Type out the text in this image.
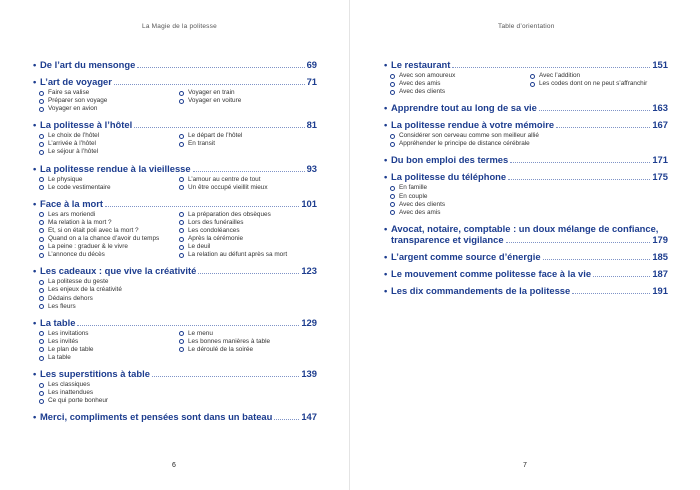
La Magie de la politesse
• De l’art du mensonge	69
• L’art de voyager	71
Faire sa valise	Voyager en train
Préparer son voyage	Voyager en voiture
Voyager en avion
• La politesse à l’hôtel	81
Le choix de l’hôtel	Le départ de l’hôtel
L’arrivée à l’hôtel	En transit
Le séjour à l’hôtel
• La politesse rendue à la vieillesse	93
Le physique	L’amour au centre de tout
Le code vestimentaire	Un être occupé vieillit mieux
• Face à la mort	101
Les ars moriendi	La préparation des obsèques
Ma relation à la mort ?	Lors des funérailles
Et, si on était poli avec la mort ?	Les condoléances
Quand on a la chance d’avoir du temps	Après la cérémonie
La peine : graduer & le vivre	Le deuil
L’annonce du décès	La relation au défunt après sa mort
• Les cadeaux : que vive la créativité	123
La politesse du geste
Les enjeux de la créativité
Dédains dehors
Les fleurs
• La table	129
Les invitations	Le menu
Les invités	Les bonnes manières à table
Le plan de table	Le déroulé de la soirée
La table
• Les superstitions à table	139
Les classiques
Les inattendues
Ce qui porte bonheur
• Merci, compliments et pensées sont dans un bateau	147
6
Table d’orientation
• Le restaurant	151
Avec son amoureux	Avec l’addition
Avec des amis	Les codes dont on ne peut s’affranchir
Avec des clients
• Apprendre tout au long de sa vie	163
• La politesse rendue à votre mémoire	167
Considérer son cerveau comme son meilleur allié
Appréhender le principe de distance cérébrale
• Du bon emploi des termes	171
• La politesse du téléphone	175
En famille
En couple
Avec des clients
Avec des amis
• Avocat, notaire, comptable : un doux mélange de confiance,
transparence et vigilance	179
• L’argent comme source d’énergie	185
• Le mouvement comme politesse face à la vie	187
• Les dix commandements de la politesse	191
7
